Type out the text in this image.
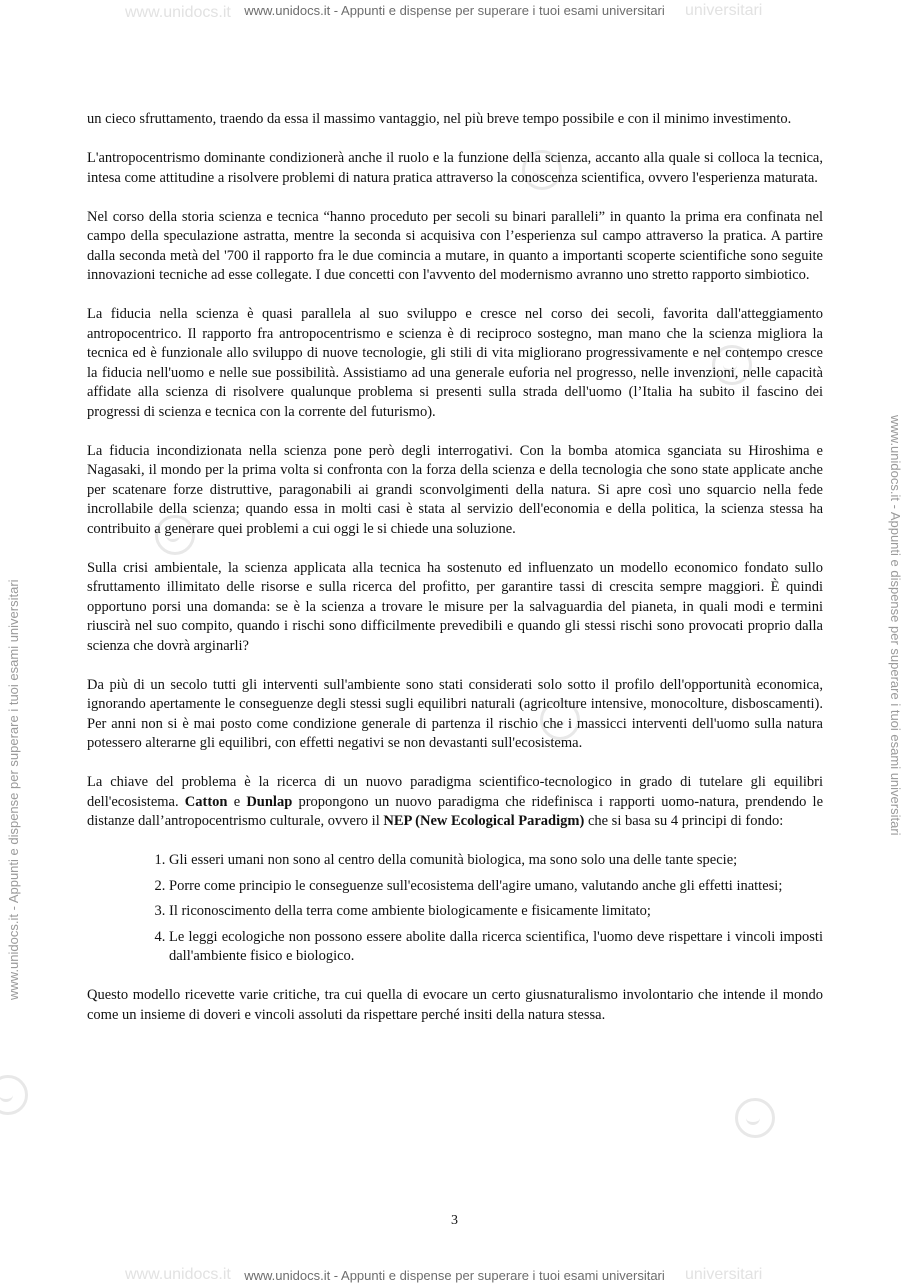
www.unidocs.it	universitari
www.unidocs.it	universitari
www.unidocs.it - Appunti e dispense per superare i tuoi esami universitari
www.unidocs.it - Appunti e dispense per superare i tuoi esami universitari
www.unidocs.it - Appunti e dispense per superare i tuoi esami universitari	www.unidocs.it - Appunti e dispense per superare i tuoi esami universitari

un cieco sfruttamento, traendo da essa il massimo vantaggio, nel più breve tempo possibile e con il minimo investimento.

L'antropocentrismo dominante condizionerà anche il ruolo e la funzione della scienza, accanto alla quale si colloca la tecnica, intesa come attitudine a risolvere problemi di natura pratica attraverso la conoscenza scientifica, ovvero l'esperienza maturata.

Nel corso della storia scienza e tecnica “hanno proceduto per secoli su binari paralleli” in quanto la prima era confinata nel campo della speculazione astratta, mentre la seconda si acquisiva con l’esperienza sul campo attraverso la pratica. A partire dalla seconda metà del '700 il rapporto fra le due comincia a mutare, in quanto a importanti scoperte scientifiche sono seguite innovazioni tecniche ad esse collegate. I due concetti con l'avvento del modernismo avranno uno stretto rapporto simbiotico.

La fiducia nella scienza è quasi parallela al suo sviluppo e cresce nel corso dei secoli, favorita dall'atteggiamento antropocentrico. Il rapporto fra antropocentrismo e scienza è di reciproco sostegno, man mano che la scienza migliora la tecnica ed è funzionale allo sviluppo di nuove tecnologie, gli stili di vita migliorano progressivamente e nel contempo cresce la fiducia nell'uomo e nelle sue possibilità. Assistiamo ad una generale euforia nel progresso, nelle invenzioni, nelle capacità affidate alla scienza di risolvere qualunque problema si presenti sulla strada dell'uomo (l’Italia ha subito il fascino dei progressi di scienza e tecnica con la corrente del futurismo).

La fiducia incondizionata nella scienza pone però degli interrogativi. Con la bomba atomica sganciata su Hiroshima e Nagasaki, il mondo per la prima volta si confronta con la forza della scienza e della tecnologia che sono state applicate anche per scatenare forze distruttive, paragonabili ai grandi sconvolgimenti della natura. Si apre così uno squarcio nella fede incrollabile della scienza; quando essa in molti casi è stata al servizio dell'economia e della politica, la scienza stessa ha contribuito a generare quei problemi a cui oggi le si chiede una soluzione.

Sulla crisi ambientale, la scienza applicata alla tecnica ha sostenuto ed influenzato un modello economico fondato sullo sfruttamento illimitato delle risorse e sulla ricerca del profitto, per garantire tassi di crescita sempre maggiori. È quindi opportuno porsi una domanda: se è la scienza a trovare le misure per la salvaguardia del pianeta, in quali modi e termini riuscirà nel suo compito, quando i rischi sono difficilmente prevedibili e quando gli stessi rischi sono provocati proprio dalla scienza che dovrà arginarli?

Da più di un secolo tutti gli interventi sull'ambiente sono stati considerati solo sotto il profilo dell'opportunità economica, ignorando apertamente le conseguenze degli stessi sugli equilibri naturali (agricolture intensive, monocolture, disboscamenti). Per anni non si è mai posto come condizione generale di partenza il rischio che i massicci interventi dell'uomo sulla natura potessero alterarne gli equilibri, con effetti negativi se non devastanti sull'ecosistema.

La chiave del problema è la ricerca di un nuovo paradigma scientifico-tecnologico in grado di tutelare gli equilibri dell'ecosistema. Catton e Dunlap propongono un nuovo paradigma che ridefinisca i rapporti uomo-natura, prendendo le distanze dall’antropocentrismo culturale, ovvero il NEP (New Ecological Paradigm) che si basa su 4 principi di fondo:

1. Gli esseri umani non sono al centro della comunità biologica, ma sono solo una delle tante specie;
2. Porre come principio le conseguenze sull'ecosistema dell'agire umano, valutando anche gli effetti inattesi;
3. Il riconoscimento della terra come ambiente biologicamente e fisicamente limitato;
4. Le leggi ecologiche non possono essere abolite dalla ricerca scientifica, l'uomo deve rispettare i vincoli imposti dall'ambiente fisico e biologico.

Questo modello ricevette varie critiche, tra cui quella di evocare un certo giusnaturalismo involontario che intende il mondo come un insieme di doveri e vincoli assoluti da rispettare perché insiti della natura stessa.

3
